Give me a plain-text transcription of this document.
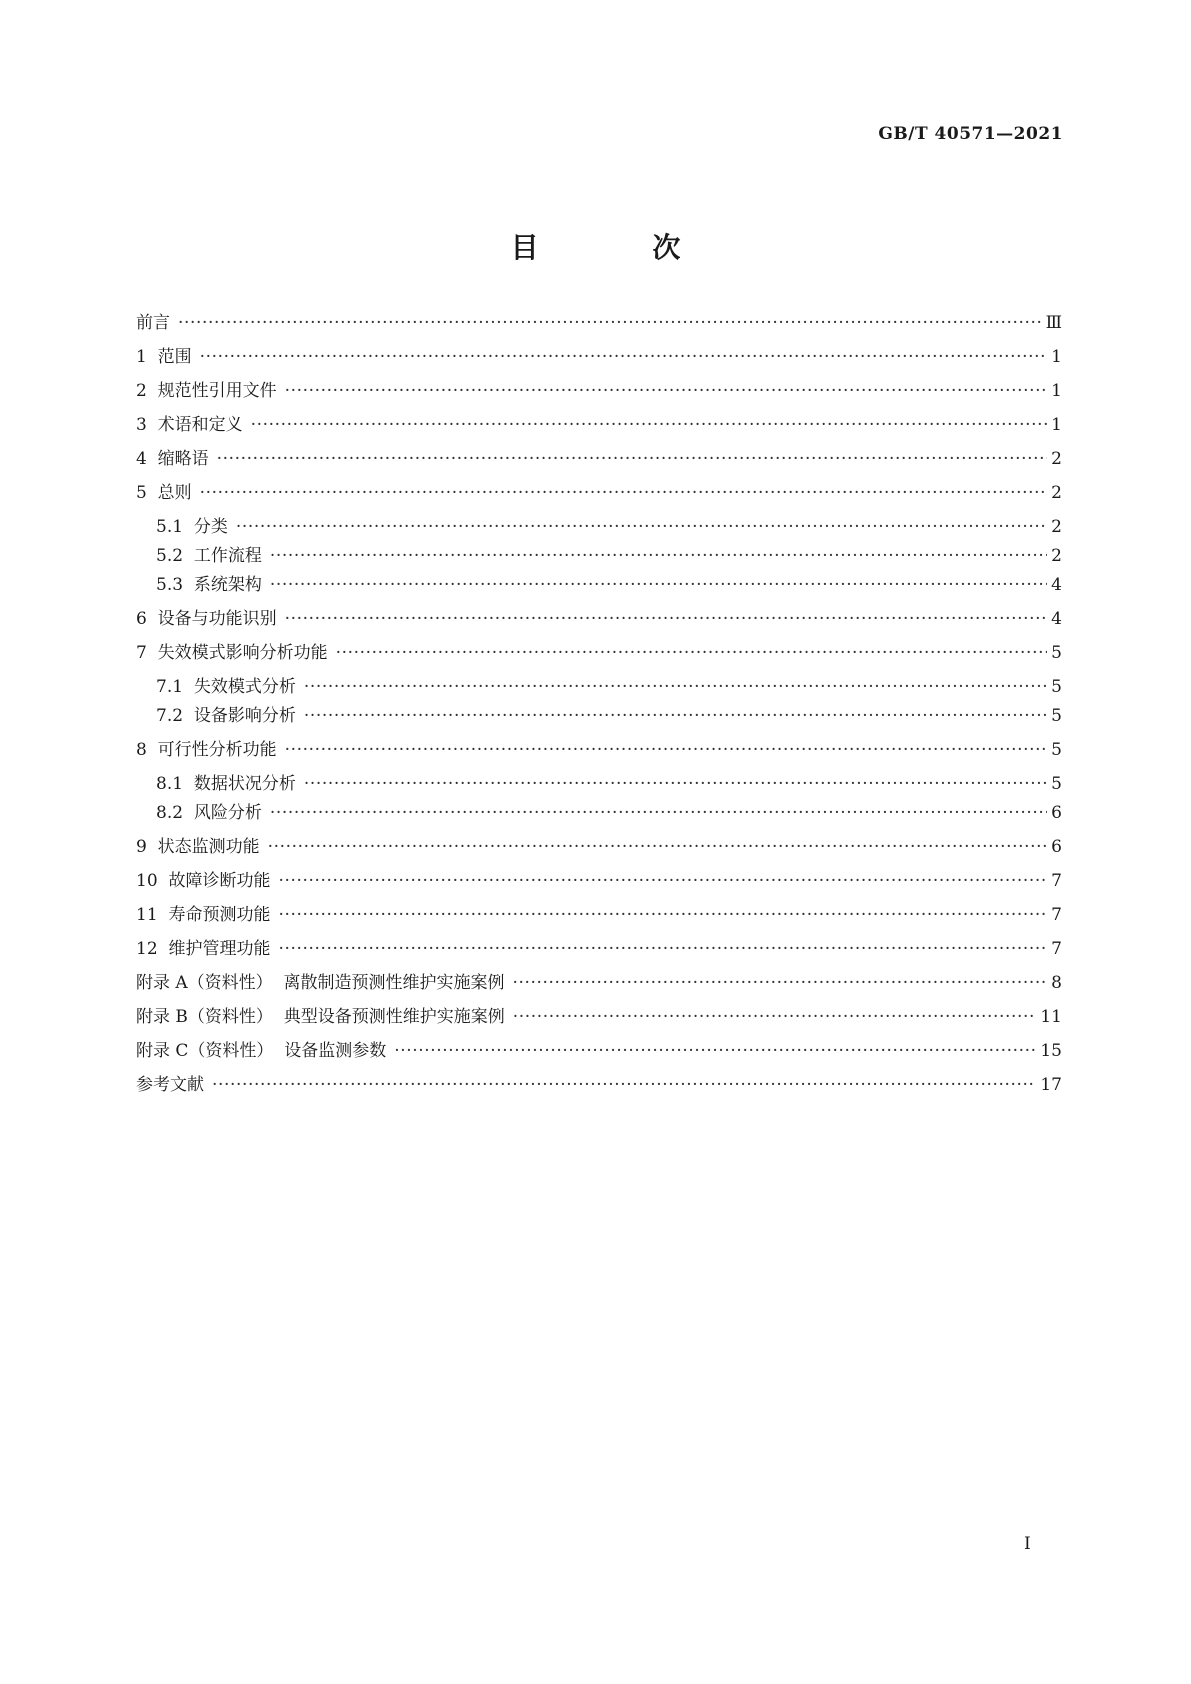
GB/T 40571—2021
目 次
前言 ·····	Ⅲ
1  范围 ·····	1
2  规范性引用文件 ·····	1
3  术语和定义 ·····	1
4  缩略语 ·····	2
5  总则 ·····	2
5.1  分类 ·····	2
5.2  工作流程 ·····	2
5.3  系统架构 ·····	4
6  设备与功能识别 ·····	4
7  失效模式影响分析功能 ·····	5
7.1  失效模式分析 ·····	5
7.2  设备影响分析 ·····	5
8  可行性分析功能 ·····	5
8.1  数据状况分析 ·····	5
8.2  风险分析 ·····	6
9  状态监测功能 ·····	6
10  故障诊断功能 ·····	7
11  寿命预测功能 ·····	7
12  维护管理功能 ·····	7
附录 A（资料性）  离散制造预测性维护实施案例 ·····	8
附录 B（资料性）  典型设备预测性维护实施案例 ·····	11
附录 C（资料性）  设备监测参数 ·····	15
参考文献 ·····	17
I
